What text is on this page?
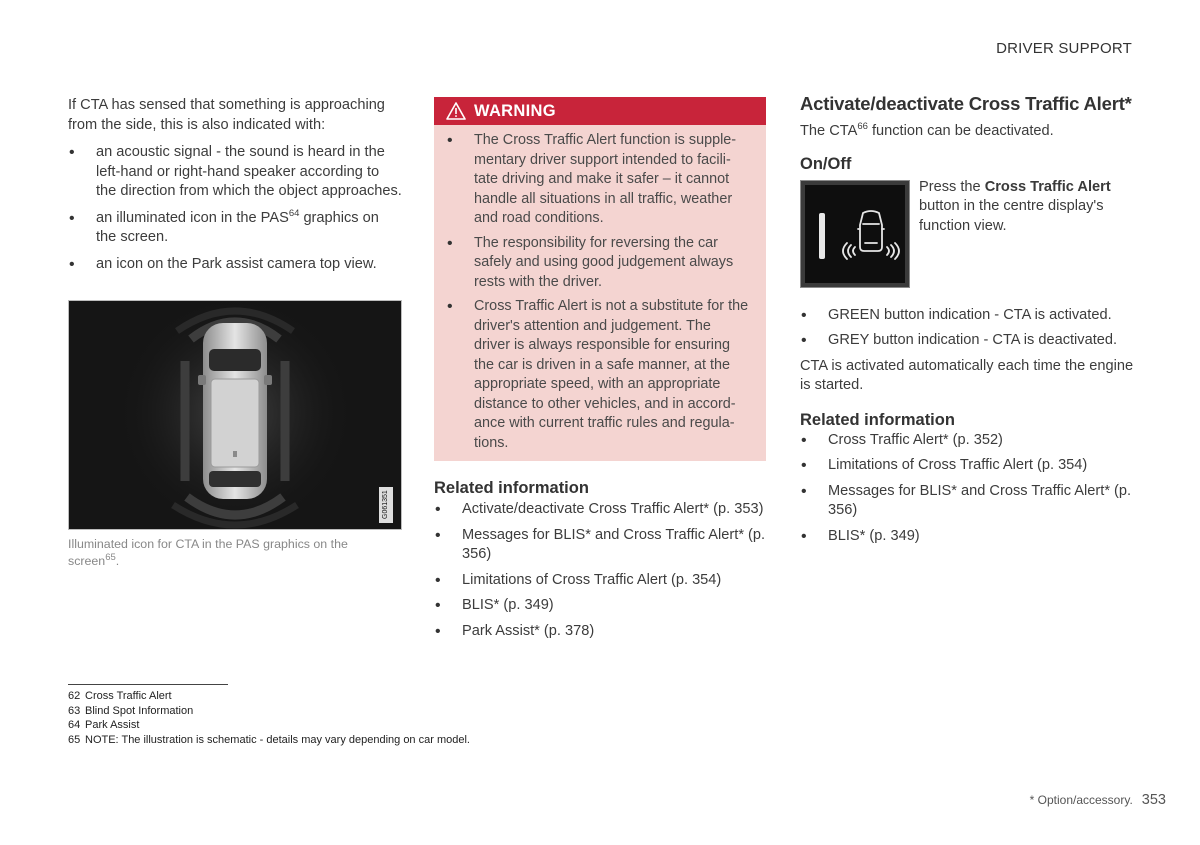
DRIVER SUPPORT

If CTA has sensed that something is approaching from the side, this is also indicated with:

• an acoustic signal - the sound is heard in the left-hand or right-hand speaker according to the direction from which the object approaches.
• an illuminated icon in the PAS$^{64}$ graphics on the screen.
• an icon on the Park assist camera top view.
G061351
Illuminated icon for CTA in the PAS graphics on the screen$^{65}$.
WARNING
• The Cross Traffic Alert function is supple-mentary driver support intended to facili-tate driving and make it safer – it cannot handle all situations in all traffic, weather and road conditions.
• The responsibility for reversing the car safely and using good judgement always rests with the driver.
• Cross Traffic Alert is not a substitute for the driver's attention and judgement. The driver is always responsible for ensuring the car is driven in a safe manner, at the appropriate speed, with an appropriate distance to other vehicles, and in accord-ance with current traffic rules and regula-tions.
Related information
• Activate/deactivate Cross Traffic Alert* (p. 353)
• Messages for BLIS* and Cross Traffic Alert* (p. 356)
• Limitations of Cross Traffic Alert (p. 354)
• BLIS* (p. 349)
• Park Assist* (p. 378)
Activate/deactivate Cross Traffic Alert*

The CTA$^{66}$ function can be deactivated.

On/Off

Press the Cross Traffic Alert button in the centre display's function view.

• GREEN button indication - CTA is activated.
• GREY button indication - CTA is deactivated.

CTA is activated automatically each time the engine is started.

Related information
• Cross Traffic Alert* (p. 352)
• Limitations of Cross Traffic Alert (p. 354)
• Messages for BLIS* and Cross Traffic Alert* (p. 356)
• BLIS* (p. 349)
62 Cross Traffic Alert
63 Blind Spot Information
64 Park Assist
65 NOTE: The illustration is schematic - details may vary depending on car model.
* Option/accessory. 353
